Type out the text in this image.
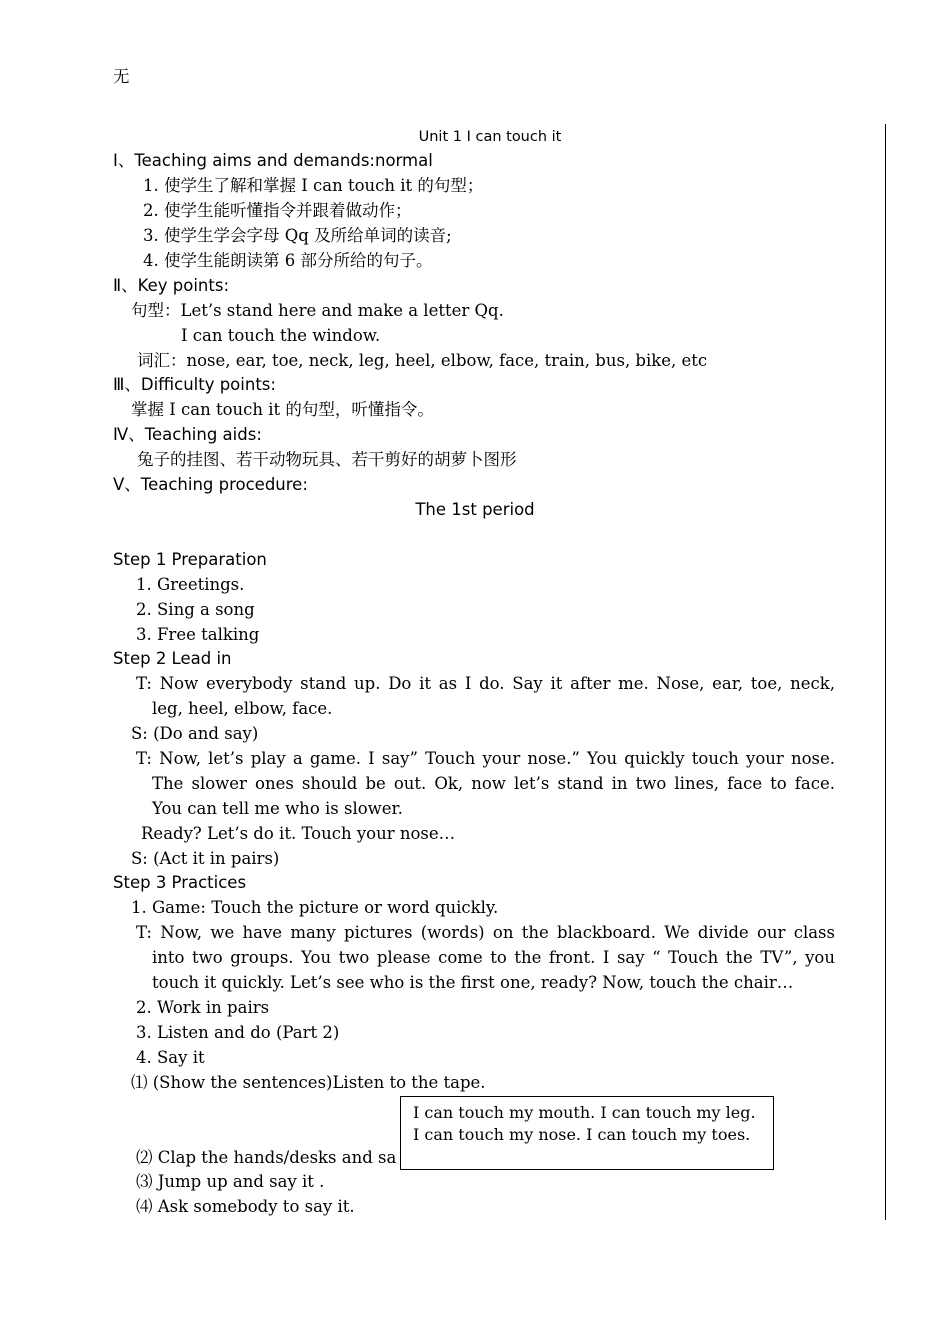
无
Unit 1 I can touch it
Ⅰ、Teaching aims and demands:normal
1. 使学生了解和掌握 I can touch it 的句型；
2. 使学生能听懂指令并跟着做动作；
3. 使学生学会字母 Qq 及所给单词的读音;
4. 使学生能朗读第 6 部分所给的句子。
Ⅱ、Key points:
句型：Let’s stand here and make a letter Qq.
I can touch the window.
词汇：nose, ear, toe, neck, leg, heel, elbow, face, train, bus, bike, etc
Ⅲ、Difficulty points:
掌握 I can touch it 的句型，听懂指令。
Ⅳ、Teaching aids:
兔子的挂图、若干动物玩具、若干剪好的胡萝卜图形
Ⅴ、Teaching procedure:
The 1st period
Step 1 Preparation
1. Greetings.
2. Sing a song
3. Free talking
Step 2 Lead in
T: Now everybody stand up. Do it as I do. Say it after me. Nose, ear, toe, neck,
leg, heel, elbow, face.
S: (Do and say)
T: Now, let’s play a game. I say” Touch your nose.” You quickly touch your nose.
The slower ones should be out. Ok, now let’s stand in two lines, face to face.
You can tell me who is slower.
Ready? Let’s do it. Touch your nose…
S: (Act it in pairs)
Step 3 Practices
1. Game: Touch the picture or word quickly.
T: Now, we have many pictures (words) on the blackboard. We divide our class
into two groups. You two please come to the front. I say “ Touch the TV”, you
touch it quickly. Let’s see who is the first one, ready? Now, touch the chair…
2. Work in pairs
3. Listen and do (Part 2)
4. Say it
⑴ (Show the sentences)Listen to the tape.
⑵ Clap the hands/desks and sa
⑶ Jump up and say it .
⑷ Ask somebody to say it.
I can touch my mouth. I can touch my leg.
I can touch my nose. I can touch my toes.
